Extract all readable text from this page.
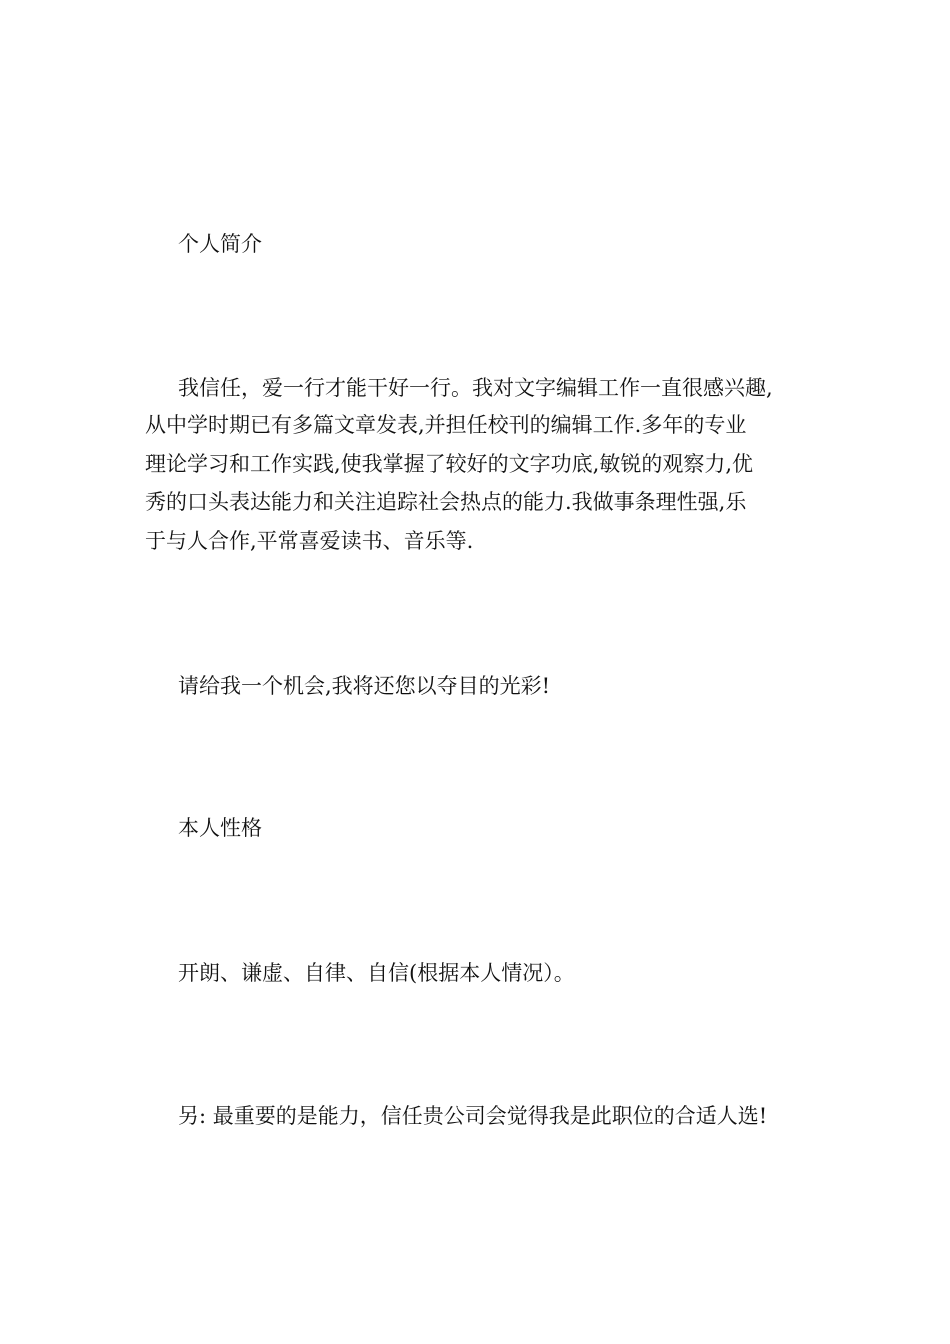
个人简介
我信任，爱一行才能干好一行。我对文字编辑工作一直很感兴趣,
从中学时期已有多篇文章发表,并担任校刊的编辑工作.多年的专业
理论学习和工作实践,使我掌握了较好的文字功底,敏锐的观察力,优
秀的口头表达能力和关注追踪社会热点的能力.我做事条理性强,乐
于与人合作,平常喜爱读书、音乐等.
请给我一个机会,我将还您以夺目的光彩!
本人性格
开朗、谦虚、自律、自信(根据本人情况）。
另: 最重要的是能力，信任贵公司会觉得我是此职位的合适人选!
